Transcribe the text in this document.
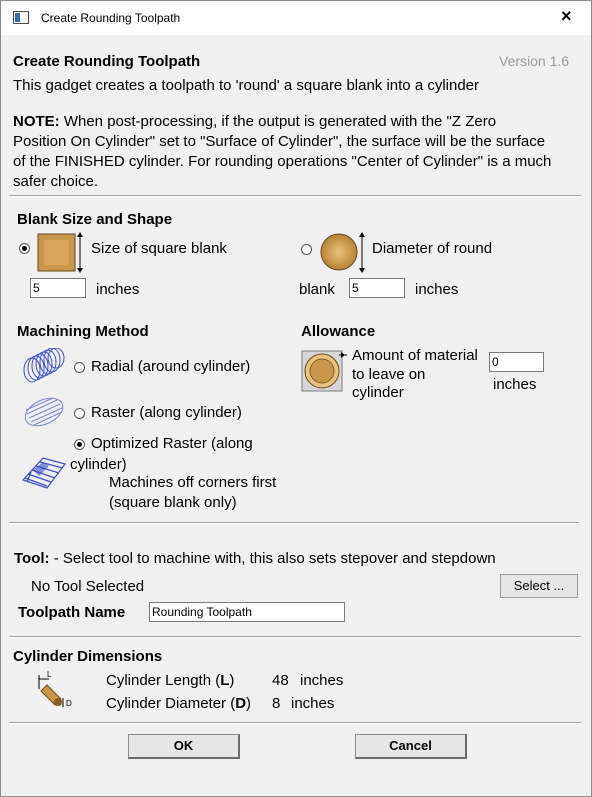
Create Rounding Toolpath	×
Create Rounding Toolpath	Version 1.6
This gadget creates a toolpath to 'round' a square blank into a cylinder
NOTE: When post-processing, if the output is generated with the "Z Zero
Position On Cylinder" set to "Surface of Cylinder", the surface will be the surface
of the FINISHED cylinder. For rounding operations "Center of Cylinder" is a much
safer choice.
Blank Size and Shape
Size of square blank
5
inches
Diameter of round
blank
5	inches
Machining Method
Radial (around cylinder)
Raster (along cylinder)
Optimized Raster (along
cylinder)
Machines off corners first
(square blank only)
Allowance
Amount of material
to leave on
cylinder
0	inches
Tool: - Select tool to machine with, this also sets stepover and stepdown
No Tool Selected	Select ...
Toolpath Name
Rounding Toolpath
Cylinder Dimensions
L
D
Cylinder Length (L)	48 inches
Cylinder Diameter (D) 8 inches
OK	Cancel
